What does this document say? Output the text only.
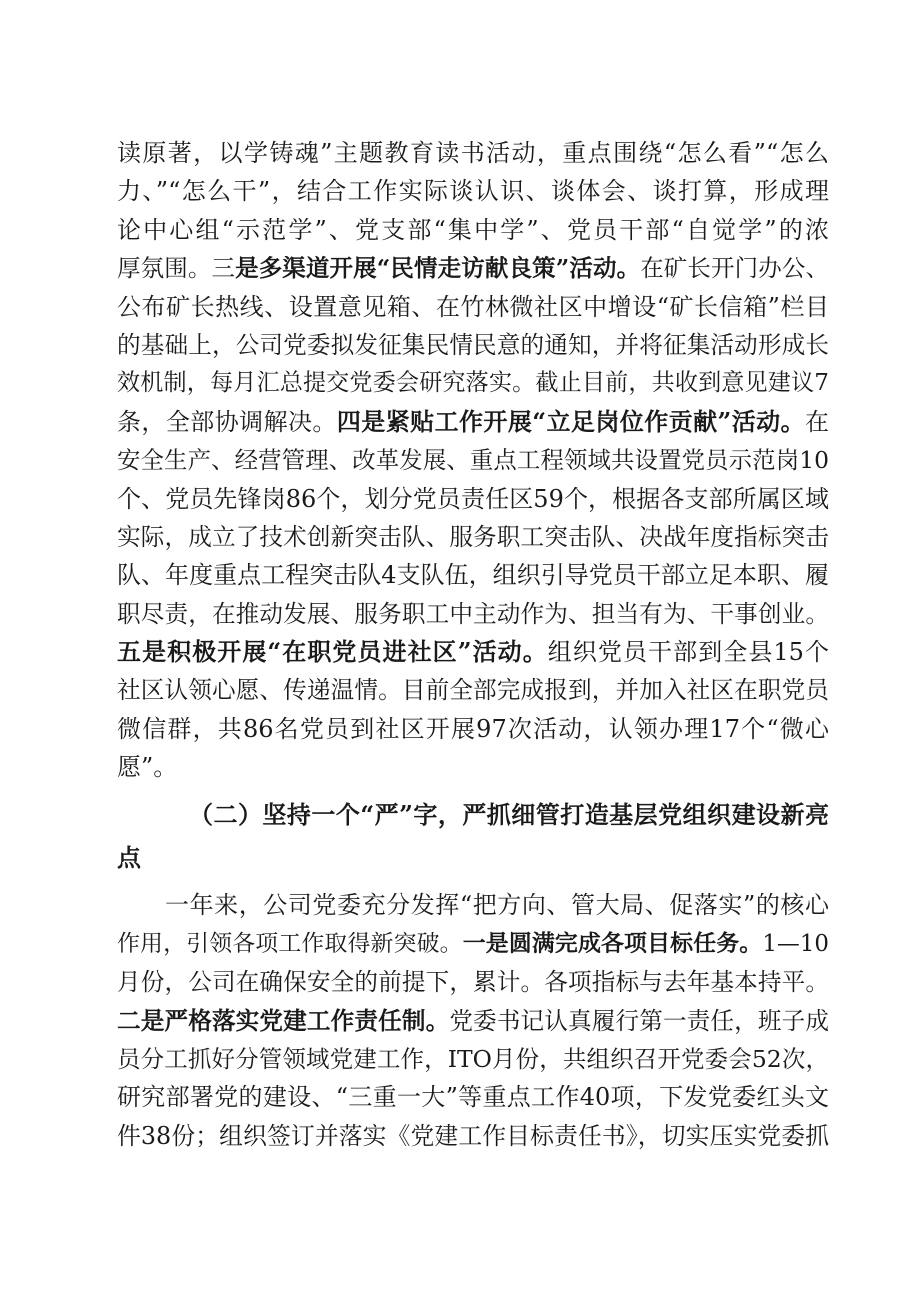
读原著，以学铸魂”主题教育读书活动，重点围绕“怎么看”“怎么
力、”“怎么干”，结合工作实际谈认识、谈体会、谈打算，形成理
论中心组“示范学”、党支部“集中学”、党员干部“自觉学”的浓
厚氛围。三是多渠道开展“民情走访献良策”活动。在矿长开门办公、
公布矿长热线、设置意见箱、在竹林微社区中增设“矿长信箱”栏目
的基础上，公司党委拟发征集民情民意的通知，并将征集活动形成长
效机制，每月汇总提交党委会研究落实。截止目前，共收到意见建议7
条，全部协调解决。四是紧贴工作开展“立足岗位作贡献”活动。在
安全生产、经营管理、改革发展、重点工程领域共设置党员示范岗10
个、党员先锋岗86个，划分党员责任区59个，根据各支部所属区域
实际，成立了技术创新突击队、服务职工突击队、决战年度指标突击
队、年度重点工程突击队4支队伍，组织引导党员干部立足本职、履
职尽责，在推动发展、服务职工中主动作为、担当有为、干事创业。
五是积极开展“在职党员进社区”活动。组织党员干部到全县15个
社区认领心愿、传递温情。目前全部完成报到，并加入社区在职党员
微信群，共86名党员到社区开展97次活动，认领办理17个“微心
愿”。
（二）坚持一个“严”字，严抓细管打造基层党组织建设新亮
点
一年来，公司党委充分发挥“把方向、管大局、促落实”的核心
作用，引领各项工作取得新突破。一是圆满完成各项目标任务。1—10
月份，公司在确保安全的前提下，累计。各项指标与去年基本持平。
二是严格落实党建工作责任制。党委书记认真履行第一责任，班子成
员分工抓好分管领域党建工作，ITO月份，共组织召开党委会52次，
研究部署党的建设、“三重一大”等重点工作40项，下发党委红头文
件38份；组织签订并落实《党建工作目标责任书》，切实压实党委抓
